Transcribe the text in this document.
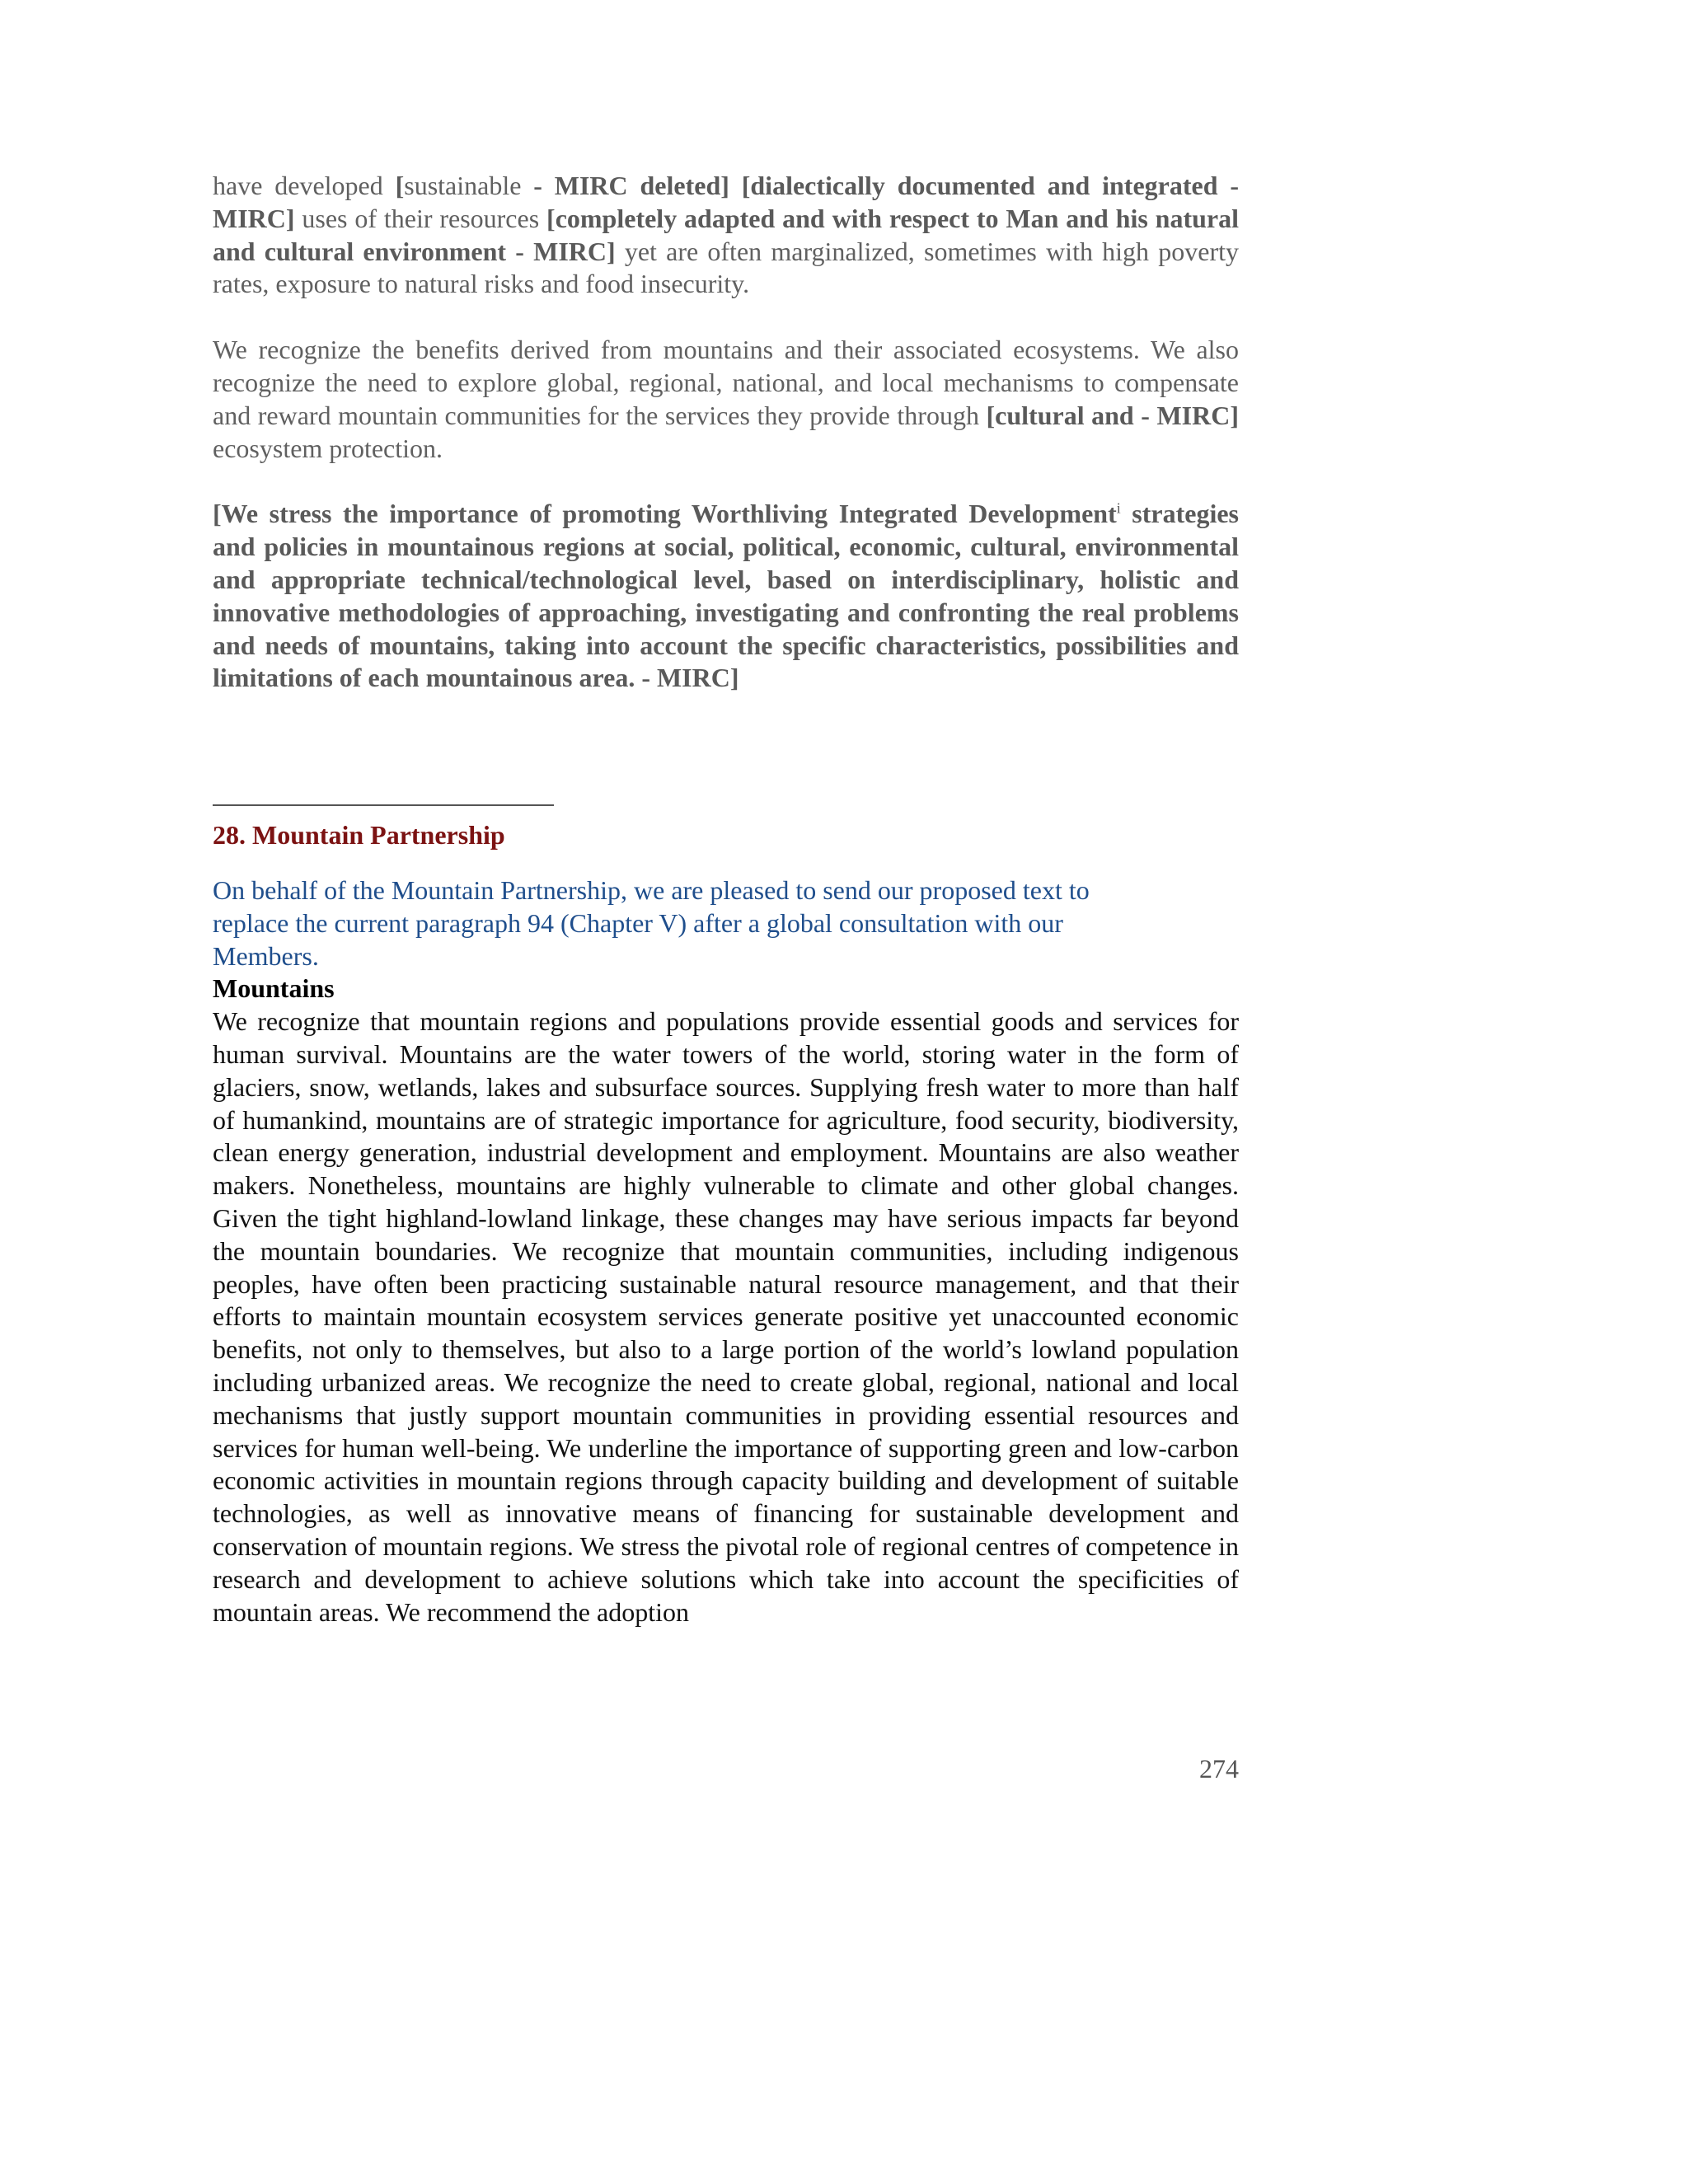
have developed [sustainable - MIRC deleted] [dialectically documented and integrated - MIRC] uses of their resources [completely adapted and with respect to Man and his natural and cultural environment - MIRC] yet are often marginalized, sometimes with high poverty rates, exposure to natural risks and food insecurity.

We recognize the benefits derived from mountains and their associated ecosystems. We also recognize the need to explore global, regional, national, and local mechanisms to compensate and reward mountain communities for the services they provide through [cultural and - MIRC] ecosystem protection.

[We stress the importance of promoting Worthliving Integrated Development$^i$ strategies and policies in mountainous regions at social, political, economic, cultural, environmental and appropriate technical/technological level, based on interdisciplinary, holistic and innovative methodologies of approaching, investigating and confronting the real problems and needs of mountains, taking into account the specific characteristics, possibilities and limitations of each mountainous area. - MIRC]

28. Mountain Partnership

On behalf of the Mountain Partnership, we are pleased to send our proposed text to replace the current paragraph 94 (Chapter V) after a global consultation with our Members.

Mountains

We recognize that mountain regions and populations provide essential goods and services for human survival. Mountains are the water towers of the world, storing water in the form of glaciers, snow, wetlands, lakes and subsurface sources. Supplying fresh water to more than half of humankind, mountains are of strategic importance for agriculture, food security, biodiversity, clean energy generation, industrial development and employment. Mountains are also weather makers. Nonetheless, mountains are highly vulnerable to climate and other global changes. Given the tight highland-lowland linkage, these changes may have serious impacts far beyond the mountain boundaries. We recognize that mountain communities, including indigenous peoples, have often been practicing sustainable natural resource management, and that their efforts to maintain mountain ecosystem services generate positive yet unaccounted economic benefits, not only to themselves, but also to a large portion of the world’s lowland population including urbanized areas. We recognize the need to create global, regional, national and local mechanisms that justly support mountain communities in providing essential resources and services for human well-being. We underline the importance of supporting green and low-carbon economic activities in mountain regions through capacity building and development of suitable technologies, as well as innovative means of financing for sustainable development and conservation of mountain regions. We stress the pivotal role of regional centres of competence in research and development to achieve solutions which take into account the specificities of mountain areas. We recommend the adoption

274
